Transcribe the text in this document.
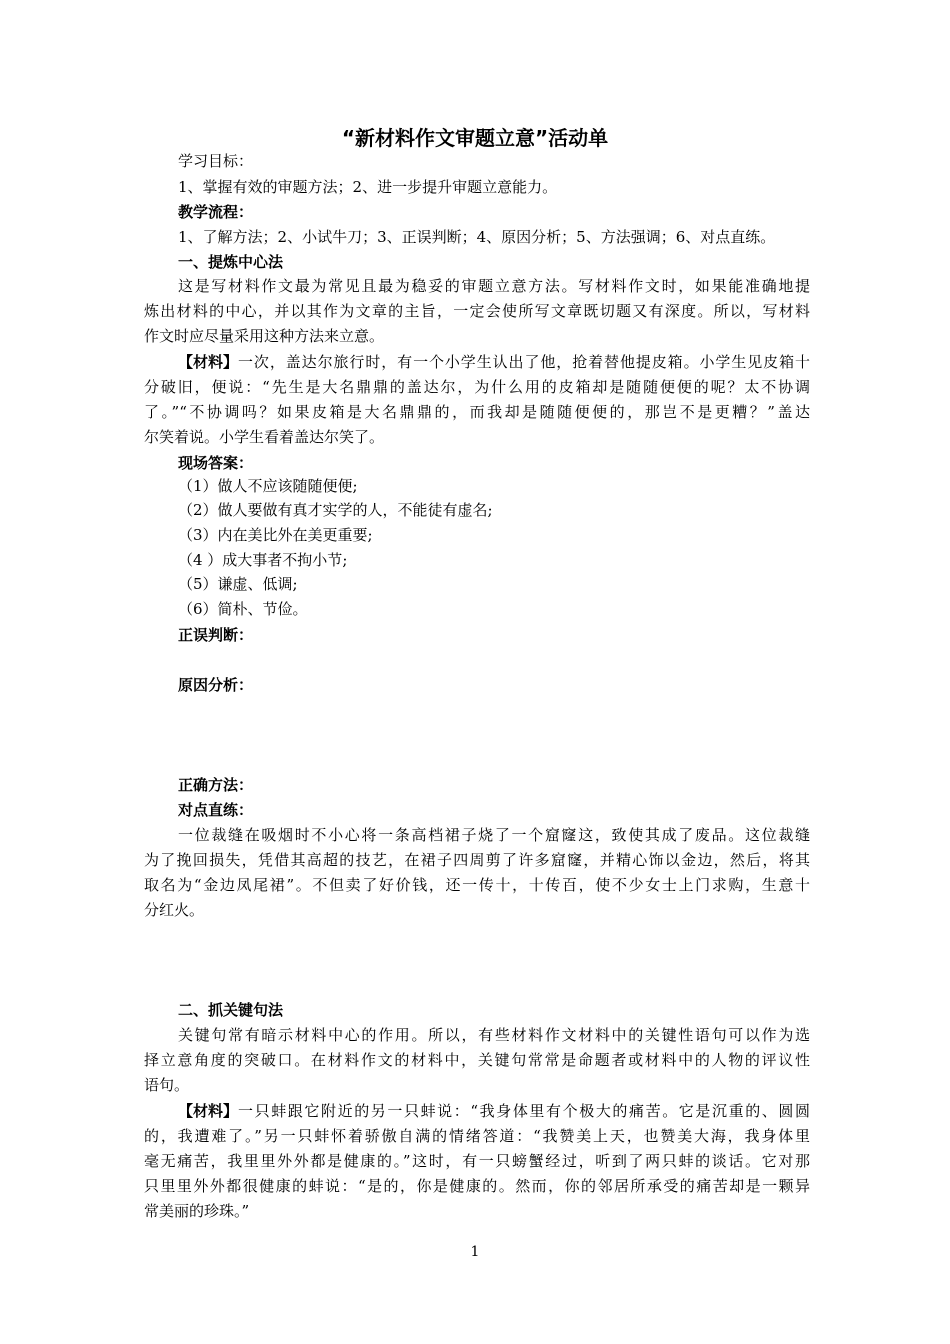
“新材料作文审题立意”活动单
学习目标：
1、掌握有效的审题方法；2、进一步提升审题立意能力。
教学流程：
1、了解方法；2、小试牛刀；3、正误判断；4、原因分析；5、方法强调；6、对点直练。
一、提炼中心法
这是写材料作文最为常见且最为稳妥的审题立意方法。写材料作文时，如果能准确地提
炼出材料的中心，并以其作为文章的主旨，一定会使所写文章既切题又有深度。所以，写材料
作文时应尽量采用这种方法来立意。
【材料】 一次，盖达尔旅行时，有一个小学生认出了他，抢着替他提皮箱。小学生见皮箱十
分破旧，便说：“先生是大名鼎鼎的盖达尔，为什么用的皮箱却是随随便便的呢？太不协调
了。”“不协调吗？如果皮箱是大名鼎鼎的，而我却是随随便便的，那岂不是更糟？”盖达
尔笑着说。小学生看着盖达尔笑了。
现场答案：
（1）做人不应该随随便便;
（2）做人要做有真才实学的人，不能徒有虚名;
（3）内在美比外在美更重要;
（4 ）成大事者不拘小节;
（5）谦虚、低调;
（6）简朴、节俭。
正误判断：
原因分析：
正确方法：
对点直练：
一位裁缝在吸烟时不小心将一条高档裙子烧了一个窟窿这，致使其成了废品。这位裁缝
为了挽回损失，凭借其高超的技艺，在裙子四周剪了许多窟窿，并精心饰以金边，然后，将其
取名为“金边凤尾裙”。不但卖了好价钱，还一传十，十传百，使不少女士上门求购，生意十
分红火。
二、抓关键句法
关键句常有暗示材料中心的作用。所以，有些材料作文材料中的关键性语句可以作为选
择立意角度的突破口。在材料作文的材料中，关键句常常是命题者或材料中的人物的评议性
语句。
【材料】 一只蚌跟它附近的另一只蚌说：“我身体里有个极大的痛苦。它是沉重的、圆圆
的，我遭难了。”另一只蚌怀着骄傲自满的情绪答道：“我赞美上天，也赞美大海，我身体里
毫无痛苦，我里里外外都是健康的。”这时，有一只螃蟹经过，听到了两只蚌的谈话。它对那
只里里外外都很健康的蚌说：“是的，你是健康的。然而，你的邻居所承受的痛苦却是一颗异
常美丽的珍珠。”
1
